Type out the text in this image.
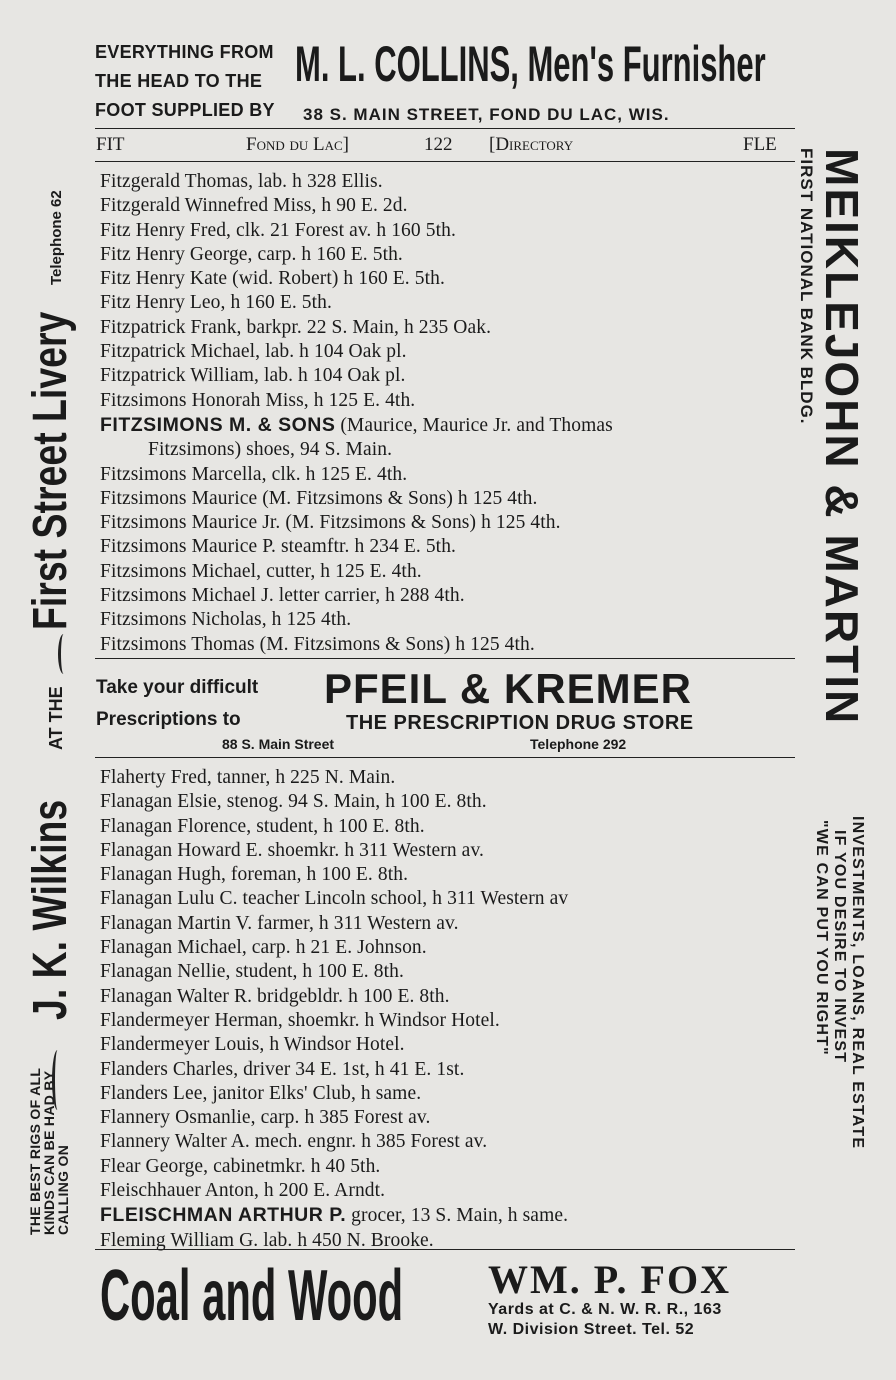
EVERYTHING FROM
THE HEAD TO THE
FOOT SUPPLIED BY
M. L. COLLINS, Men's Furnisher
38 S. MAIN STREET, FOND DU LAC, WIS.
FIT	Fond du Lac]	122 [Directory	FLE
Fitzgerald Thomas, lab. h 328 Ellis.
Fitzgerald Winnefred Miss, h 90 E. 2d.
Fitz Henry Fred, clk. 21 Forest av. h 160 5th.
Fitz Henry George, carp. h 160 E. 5th.
Fitz Henry Kate (wid. Robert) h 160 E. 5th.
Fitz Henry Leo, h 160 E. 5th.
Fitzpatrick Frank, barkpr. 22 S. Main, h 235 Oak.
Fitzpatrick Michael, lab. h 104 Oak pl.
Fitzpatrick William, lab. h 104 Oak pl.
Fitzsimons Honorah Miss, h 125 E. 4th.
FITZSIMONS M. & SONS (Maurice, Maurice Jr. and Thomas
Fitzsimons) shoes, 94 S. Main.
Fitzsimons Marcella, clk. h 125 E. 4th.
Fitzsimons Maurice (M. Fitzsimons & Sons) h 125 4th.
Fitzsimons Maurice Jr. (M. Fitzsimons & Sons) h 125 4th.
Fitzsimons Maurice P. steamftr. h 234 E. 5th.
Fitzsimons Michael, cutter, h 125 E. 4th.
Fitzsimons Michael J. letter carrier, h 288 4th.
Fitzsimons Nicholas, h 125 4th.
Fitzsimons Thomas (M. Fitzsimons & Sons) h 125 4th.
Take your difficult
Prescriptions to
PFEIL & KREMER
THE PRESCRIPTION DRUG STORE
88 S. Main Street	Telephone 292
Flaherty Fred, tanner, h 225 N. Main.
Flanagan Elsie, stenog. 94 S. Main, h 100 E. 8th.
Flanagan Florence, student, h 100 E. 8th.
Flanagan Howard E. shoemkr. h 311 Western av.
Flanagan Hugh, foreman, h 100 E. 8th.
Flanagan Lulu C. teacher Lincoln school, h 311 Western av
Flanagan Martin V. farmer, h 311 Western av.
Flanagan Michael, carp. h 21 E. Johnson.
Flanagan Nellie, student, h 100 E. 8th.
Flanagan Walter R. bridgebldr. h 100 E. 8th.
Flandermeyer Herman, shoemkr. h Windsor Hotel.
Flandermeyer Louis, h Windsor Hotel.
Flanders Charles, driver 34 E. 1st, h 41 E. 1st.
Flanders Lee, janitor Elks' Club, h same.
Flannery Osmanlie, carp. h 385 Forest av.
Flannery Walter A. mech. engnr. h 385 Forest av.
Flear George, cabinetmkr. h 40 5th.
Fleischhauer Anton, h 200 E. Arndt.
FLEISCHMAN ARTHUR P. grocer, 13 S. Main, h same.
Fleming William G. lab. h 450 N. Brooke.
Coal and Wood WM. P. FOX
Yards at C. & N. W. R. R., 163
W. Division Street. Tel. 52
J. K. Wilkins
AT THE
First Street Livery
Telephone 62
THE BEST RIGS OF ALL
KINDS CAN BE HAD BY
CALLING ON
MEIKLEJOHN & MARTIN
FIRST NATIONAL BANK BLDG.
INVESTMENTS, LOANS, REAL ESTATE
IF YOU DESIRE TO INVEST
"WE CAN PUT YOU RIGHT"
